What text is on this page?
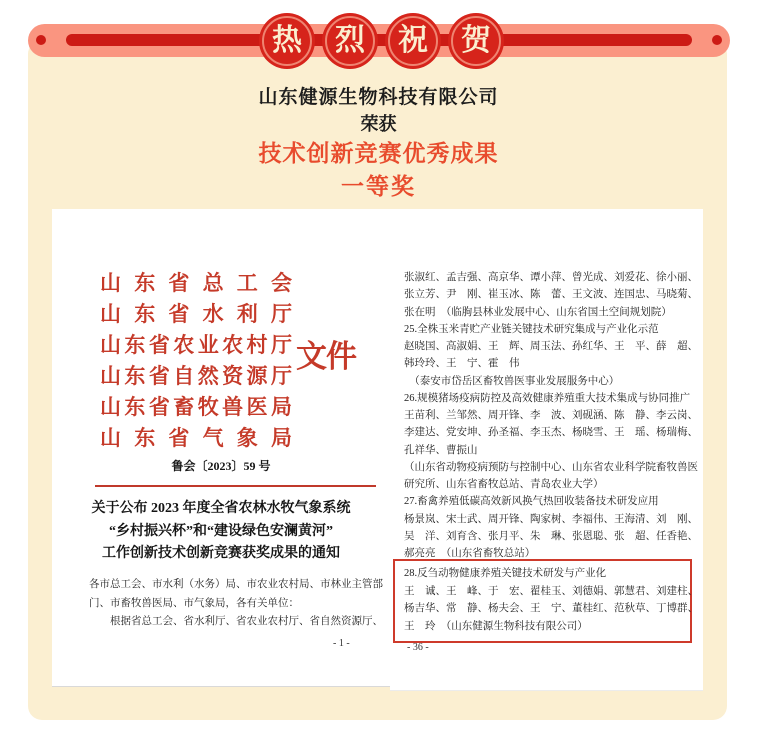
热 烈 祝 贺
山东健源生物科技有限公司
荣获
技术创新竞赛优秀成果
一等奖
山 东 省 总 工 会
山 东 省 水 利 厅
山 东 省 农 业 农 村 厅
山 东 省 自 然 资 源 厅
山 东 省 畜 牧 兽 医 局
山 东 省 气 象 局
文件
鲁会〔2023〕59 号
关于公布 2023 年度全省农林水牧气象系统
“乡村振兴杯”和“建设绿色安澜黄河”
工作创新技术创新竞赛获奖成果的通知
各市总工会、市水利（水务）局、市农业农村局、市林业主管部
门、市畜牧兽医局、市气象局，各有关单位：
　　根据省总工会、省水利厅、省农业农村厅、省自然资源厅、
- 1 -
张淑红、孟吉强、高京华、谭小萍、曾光成、刘爱花、徐小丽、
张立芳、尹　刚、崔玉冰、陈　蕾、王文波、连国忠、马晓菊、
张在明　（临朐县林业发展中心、山东省国土空间规划院）
25.全株玉米青贮产业链关键技术研究集成与产业化示范
赵晓国、高淑娟、王　辉、周玉法、孙红华、王　平、薛　超、
韩玲玲、王　宁、霍　伟
　（泰安市岱岳区畜牧兽医事业发展服务中心）
26.规模猪场疫病防控及高效健康养殖重大技术集成与协同推广
王苗利、兰邹然、周开锋、李　波、刘砚涵、陈　静、李云岗、
李建达、党安坤、孙圣福、李玉杰、杨晓雪、王　瑶、杨瑞梅、
孔祥华、曹振山
（山东省动物疫病预防与控制中心、山东省农业科学院畜牧兽医
研究所、山东省畜牧总站、青岛农业大学）
27.畜禽养殖低碳高效新风换气热回收装备技术研发应用
杨景岚、宋士武、周开锋、陶家树、李福伟、王海清、刘　刚、
吴　洋、刘育含、张月平、朱　琳、张恩聪、张　超、任香艳、
郝亮亮　（山东省畜牧总站）
28.反刍动物健康养殖关键技术研发与产业化
王　诚、王　峰、于　宏、翟桂玉、刘德娟、郭慧君、刘建柱、
杨吉华、常　静、杨夫会、王　宁、董桂红、范秋草、丁博群、
王　玲　（山东健源生物科技有限公司）
- 36 -
